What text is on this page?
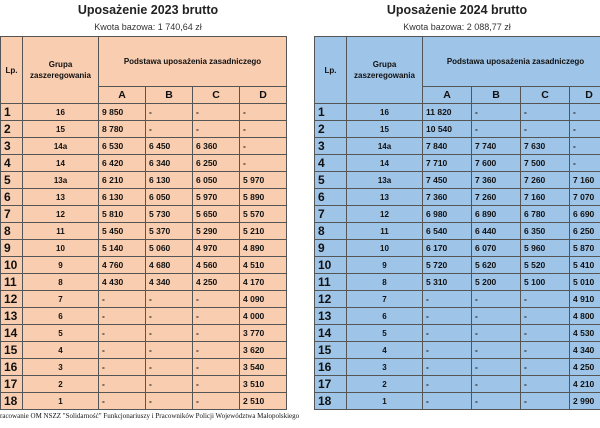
Uposażenie 2023 brutto
Kwota bazowa: 1 740,64 zł
Lp.	Grupa zaszeregowania	Podstawa uposażenia zasadniczego			
		A	B	C	D
1	16	9 850	-	-	-
2	15	8 780	-	-	-
3	14a	6 530	6 450	6 360	-
4	14	6 420	6 340	6 250	-
5	13a	6 210	6 130	6 050	5 970
6	13	6 130	6 050	5 970	5 890
7	12	5 810	5 730	5 650	5 570
8	11	5 450	5 370	5 290	5 210
9	10	5 140	5 060	4 970	4 890
10	9	4 760	4 680	4 560	4 510
11	8	4 430	4 340	4 250	4 170
12	7	-	-	-	4 090
13	6	-	-	-	4 000
14	5	-	-	-	3 770
15	4	-	-	-	3 620
16	3	-	-	-	3 540
17	2	-	-	-	3 510
18	1	-	-	-	2 510
Uposażenie 2024 brutto
Kwota bazowa: 2 088,77 zł
Lp.	Grupa zaszeregowania	Podstawa uposażenia zasadniczego			
		A	B	C	D
1	16	11 820	-	-	-
2	15	10 540	-	-	-
3	14a	7 840	7 740	7 630	-
4	14	7 710	7 600	7 500	-
5	13a	7 450	7 360	7 260	7 160
6	13	7 360	7 260	7 160	7 070
7	12	6 980	6 890	6 780	6 690
8	11	6 540	6 440	6 350	6 250
9	10	6 170	6 070	5 960	5 870
10	9	5 720	5 620	5 520	5 410
11	8	5 310	5 200	5 100	5 010
12	7	-	-	-	4 910
13	6	-	-	-	4 800
14	5	-	-	-	4 530
15	4	-	-	-	4 340
16	3	-	-	-	4 250
17	2	-	-	-	4 210
18	1	-	-	-	2 990
racowanie OM NSZZ "Solidarność" Funkcjonariuszy i Pracowników Policji Województwa Małopolskiego
